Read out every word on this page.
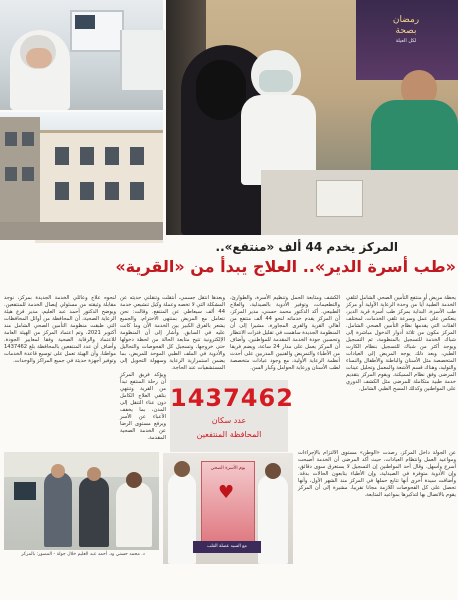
رمضان
بصحة
لكل العيلة
المركز يخدم 44 ألف «منتفع»..
«طب أسرة الدير».. العلاج يبدأ من «القرية»

يحظة مريض أو منتفع التأمين الصحي الشامل لتلقي الخدمة الطبية أيا من وحدة الرعاية الأولية أو مركز طب الأسرة، البداية بمركز طب أسرة قرية الدير، ينعكس على عمل وسرعة تلقي الخدمات، لمختلف الفئات التي يقدمها نظام التأمين الصحي الشامل. المركز مكون من ثلاثة أدوار الدخول مباشرة إلى شباك الخدمة للتسجيل بالمنظومة، ثم التسجيل ويوجد أكثر من شباك للتسجيل بنظام الكارت الطبي، وبعد ذلك يوجه المريض إلى العيادات المتخصصة مثل الأسنان والباطنة والأطفال والنساء والتوليد، وهناك قسم الأشعة والمعمل وتحليل عينات المرضى وفق نظام المميكنة. ويقوم المركز بتقديم خدمة طبية متكاملة للمرضى مثل الكشف الدوري على المواطنين وكذلك المسح الطبي الشامل.

الكشف ومتابعة الحمل وتنظيم الأسرة، والطوارئ، والتطعيمات، وتوفير الأدوية بالصيدلية، والعلاج الطبيعي. أكد الدكتور محمد حسني، مدير المركز، أن المركز يقدم خدماته لنحو 44 ألف منتفع من أهالي القرية والقرى المجاورة، مشيرا إلى أن المنظومة الجديدة ساهمت في تقليل فترات الانتظار وتحسين جودة الخدمة المقدمة للمواطنين. وأضاف أن المركز يعمل على مدار 24 ساعة، ويضم فريقا من الأطباء والتمريض والفنيين المدربين على أحدث أنظمة الرعاية الأولية، مع وجود عيادات متخصصة لطب الأسنان ورعاية الحوامل وكبار السن.

وبعدها انتقل جسمي، أنتقلت وتنقلني حديثه عن المشكلة التي لا تخصه وعملة وكيل تنشيعي خدمة 44 ألف سيعاطي عن المنتفع. وقالت: نحن نتعامل مع المريض بمنتهى الاحترام، والجميع يشعر بالفرق الكبير بين الخدمة الآن وما كانت عليه في السابق. وأشار إلى أن المنظومة الإلكترونية تتيح متابعة الحالة من لحظة دخولها حتى خروجها، وتسجيل كل الفحوصات والتحاليل والأدوية في الملف الطبي الموحد للمريض، بما يضمن استمرارية الرعاية وسهولة التحويل إلى المستشفيات عند الحاجة.

لنحوه علاج وعائلي الخدمة الجديدة بمركز، نوجد مقابلة وثيقته من مسئولي إيصال الخدمة للمنتفعين. ويوضح الدكتور أحمد عبد العليم، مدير فرع هيئة الرعاية الصحية، أن المحافظة من أوائل المحافظات التي طبقت منظومة التأمين الصحي الشامل منذ أكتوبر 2021، وتم اعتماد المركز من الهيئة العامة للاعتماد والرقابة الصحية وفقا لمعايير الجودة. وأضاف أن عدد المنتفعين بالمحافظة بلغ 1437462 مواطنا، وأن الهيئة تعمل على توسيع قاعدة الخدمات وتوفير أجهزة حديثة في جميع المراكز والوحدات.

1437462
عدد سكان
المحافظة المنتفعين
د. محمد حسني ود. أحمد عبد العليم خلال جولة - المصور: بالمركز
يوم الأسرة الصحي
♥
مع السيد عضلة القلب

ويؤكد فريق المركز أن رحلة المنتفع تبدأ من القرية وتنتهي بتلقي العلاج الكامل دون عناء التنقل إلى المدن، بما يخفف الأعباء عن الأسر ويرفع مستوى الرضا عن الخدمة الصحية المقدمة.

عن الجولة داخل المركز، رصدت «الوطن» مستوى الالتزام بالإجراءات ومواعيد العمل وانتظام العيادات، حيث أكد المرضى أن الخدمة أصبحت أسرع وأسهل. وقال أحد المواطنين إن التسجيل لا يستغرق سوى دقائق، وإن الأدوية متوفرة في الصيدلية، وإن الأطباء يتابعون الحالات بدقة. وأضافت سيدة أخرى أنها تتابع حملها في المركز منذ الشهر الأول، وأنها تحصل على كل الفحوصات اللازمة مجانا تقريبا، مشيرة إلى أن المركز يقوم بالاتصال بها لتذكيرها بمواعيد المتابعة.
